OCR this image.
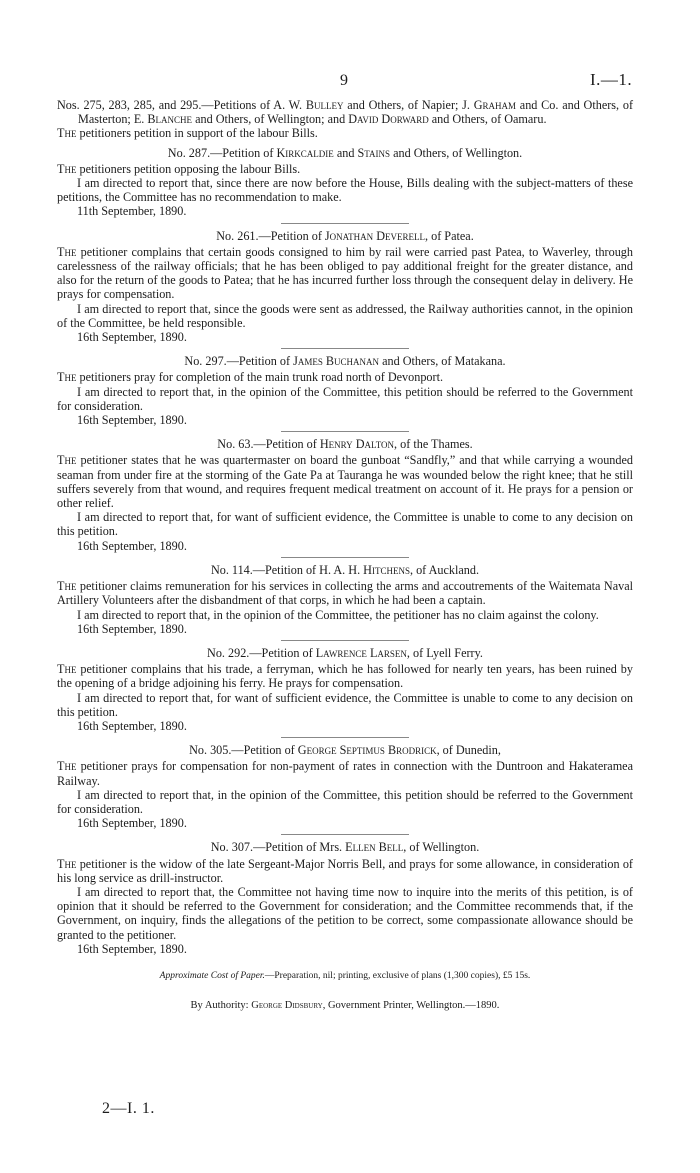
9	I.—1.

Nos. 275, 283, 285, and 295.—Petitions of A. W. Bulley and Others, of Napier; J. Graham and Co. and Others, of Masterton; E. Blanche and Others, of Wellington; and David Dorward and Others, of Oamaru.

The petitioners petition in support of the labour Bills.

No. 287.—Petition of Kirkcaldie and Stains and Others, of Wellington.

The petitioners petition opposing the labour Bills.

I am directed to report that, since there are now before the House, Bills dealing with the subject-matters of these petitions, the Committee has no recommendation to make.

11th September, 1890.

No. 261.—Petition of Jonathan Deverell, of Patea.

The petitioner complains that certain goods consigned to him by rail were carried past Patea, to Waverley, through carelessness of the railway officials; that he has been obliged to pay additional freight for the greater distance, and also for the return of the goods to Patea; that he has incurred further loss through the consequent delay in delivery. He prays for compensation.

I am directed to report that, since the goods were sent as addressed, the Railway authorities cannot, in the opinion of the Committee, be held responsible.

16th September, 1890.

No. 297.—Petition of James Buchanan and Others, of Matakana.

The petitioners pray for completion of the main trunk road north of Devonport.

I am directed to report that, in the opinion of the Committee, this petition should be referred to the Government for consideration.

16th September, 1890.

No. 63.—Petition of Henry Dalton, of the Thames.

The petitioner states that he was quartermaster on board the gunboat “Sandfly,” and that while carrying a wounded seaman from under fire at the storming of the Gate Pa at Tauranga he was wounded below the right knee; that he still suffers severely from that wound, and requires frequent medical treatment on account of it. He prays for a pension or other relief.

I am directed to report that, for want of sufficient evidence, the Committee is unable to come to any decision on this petition.

16th September, 1890.

No. 114.—Petition of H. A. H. Hitchens, of Auckland.

The petitioner claims remuneration for his services in collecting the arms and accoutrements of the Waitemata Naval Artillery Volunteers after the disbandment of that corps, in which he had been a captain.

I am directed to report that, in the opinion of the Committee, the petitioner has no claim against the colony.

16th September, 1890.

No. 292.—Petition of Lawrence Larsen, of Lyell Ferry.

The petitioner complains that his trade, a ferryman, which he has followed for nearly ten years, has been ruined by the opening of a bridge adjoining his ferry. He prays for compensation.

I am directed to report that, for want of sufficient evidence, the Committee is unable to come to any decision on this petition.

16th September, 1890.

No. 305.—Petition of George Septimus Brodrick, of Dunedin,

The petitioner prays for compensation for non-payment of rates in connection with the Duntroon and Hakateramea Railway.

I am directed to report that, in the opinion of the Committee, this petition should be referred to the Government for consideration.

16th September, 1890.

No. 307.—Petition of Mrs. Ellen Bell, of Wellington.

The petitioner is the widow of the late Sergeant-Major Norris Bell, and prays for some allowance, in consideration of his long service as drill-instructor.

I am directed to report that, the Committee not having time now to inquire into the merits of this petition, is of opinion that it should be referred to the Government for consideration; and the Committee recommends that, if the Government, on inquiry, finds the allegations of the petition to be correct, some compassionate allowance should be granted to the petitioner.

16th September, 1890.

Approximate Cost of Paper.—Preparation, nil; printing, exclusive of plans (1,300 copies), £5 15s.

By Authority: George Didsbury, Government Printer, Wellington.—1890.

2—I. 1.
